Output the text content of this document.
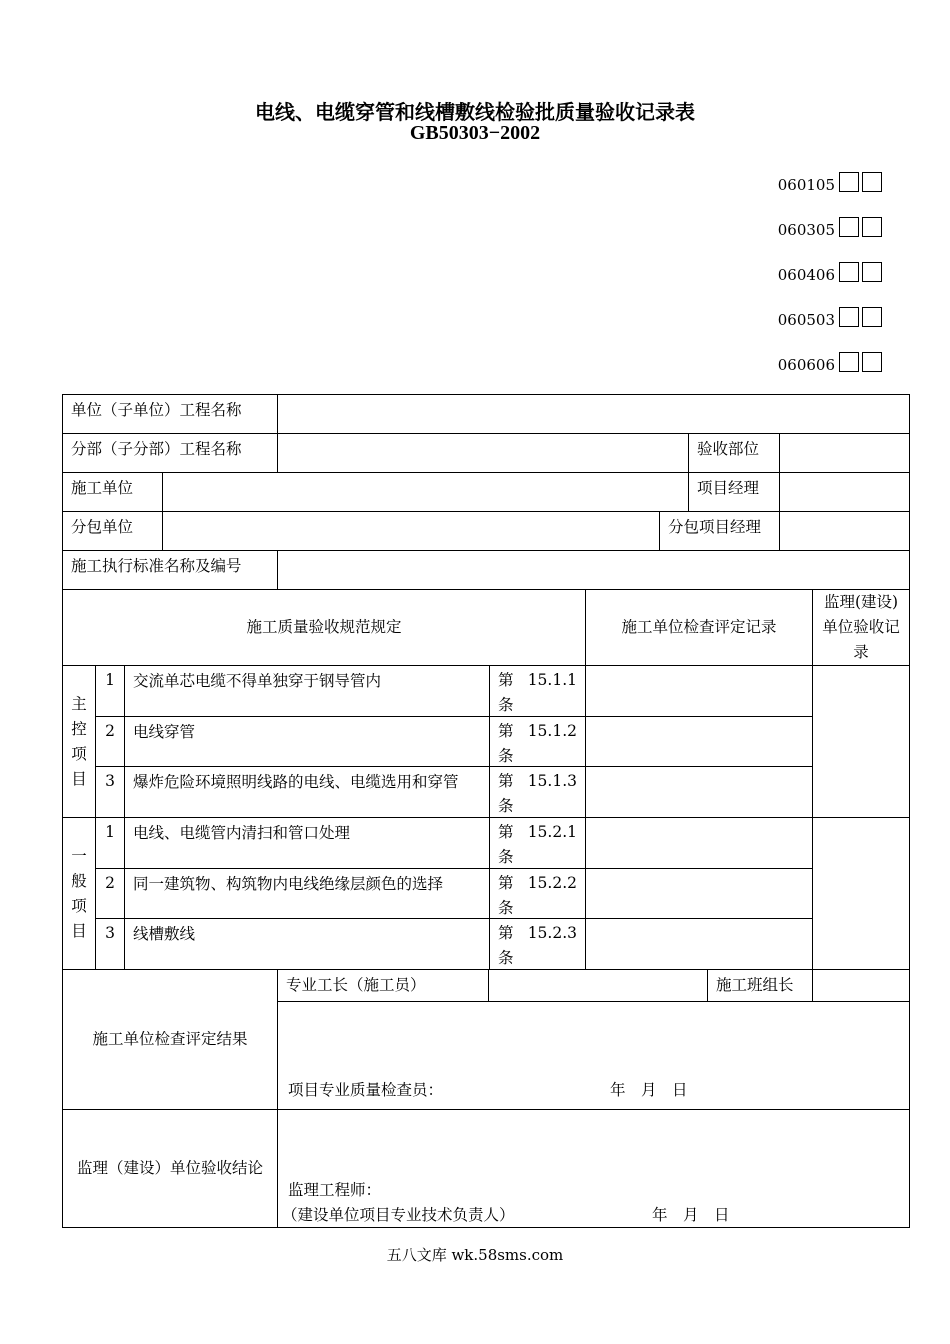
电线、电缆穿管和线槽敷线检验批质量验收记录表
GB50303−2002
060105
060305
060406
060503
060606
单位（子单位）工程名称
分部（子分部）工程名称	验收部位
施工单位	项目经理
分包单位	分包项目经理
施工执行标准名称及编号
施工质量验收规范规定	施工单位检查评定记录
监理(建设)单位验收记录
主控项目
1	交流单芯电缆不得单独穿于钢导管内	第 15.1.1
条
2	电线穿管	第 15.1.2
条
3	爆炸危险环境照明线路的电线、电缆选用和穿管	第 15.1.3
条
一般项目
1	电线、电缆管内清扫和管口处理	第 15.2.1
条
2	同一建筑物、构筑物内电线绝缘层颜色的选择	第 15.2.2
条
3	线槽敷线	第 15.2.3
条
施工单位检查评定结果
专业工长（施工员）	施工班组长
项目专业质量检查员：	年　月　日
监理（建设）单位验收结论
监理工程师：
（建设单位项目专业技术负责人）	年　月　日
五八文库 wk.58sms.com
